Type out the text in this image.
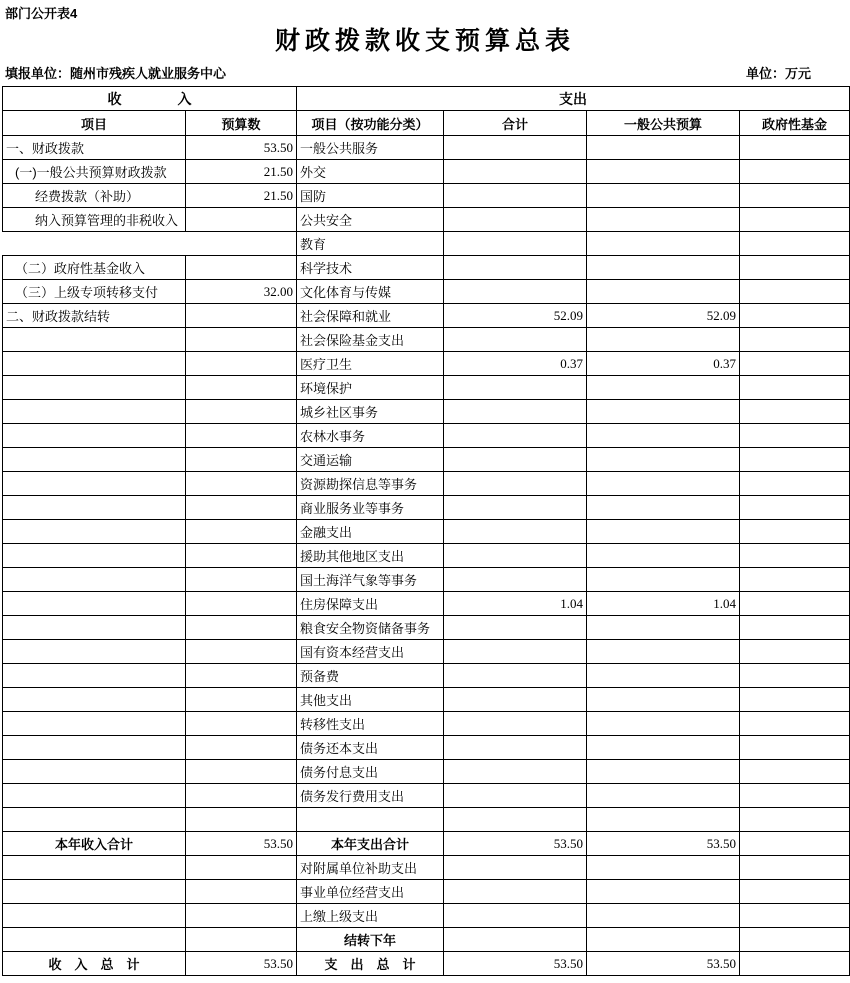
部门公开表4
财政拨款收支预算总表
填报单位：随州市残疾人就业服务中心	单位：万元
收　　　　入		支出			
项目	预算数	项目（按功能分类）	合计	一般公共预算	政府性基金
一、财政拨款	53.50	一般公共服务			
(一)一般公共预算财政拨款	21.50	外交			
经费拨款（补助）	21.50	国防			
纳入预算管理的非税收入		公共安全			
		教育			
（二）政府性基金收入		科学技术			
（三）上级专项转移支付	32.00	文化体育与传媒			
二、财政拨款结转		社会保障和就业	52.09	52.09	
		社会保险基金支出			
		医疗卫生	0.37	0.37	
		环境保护			
		城乡社区事务			
		农林水事务			
		交通运输			
		资源勘探信息等事务			
		商业服务业等事务			
		金融支出			
		援助其他地区支出			
		国土海洋气象等事务			
		住房保障支出	1.04	1.04	
		粮食安全物资储备事务			
		国有资本经营支出			
		预备费			
		其他支出			
		转移性支出			
		债务还本支出			
		债务付息支出			
		债务发行费用支出			

本年收入合计	53.50	本年支出合计	53.50	53.50	
		对附属单位补助支出			
		事业单位经营支出			
		上缴上级支出			
		结转下年			
收　入　总　计	53.50	支　出　总　计	53.50	53.50	
